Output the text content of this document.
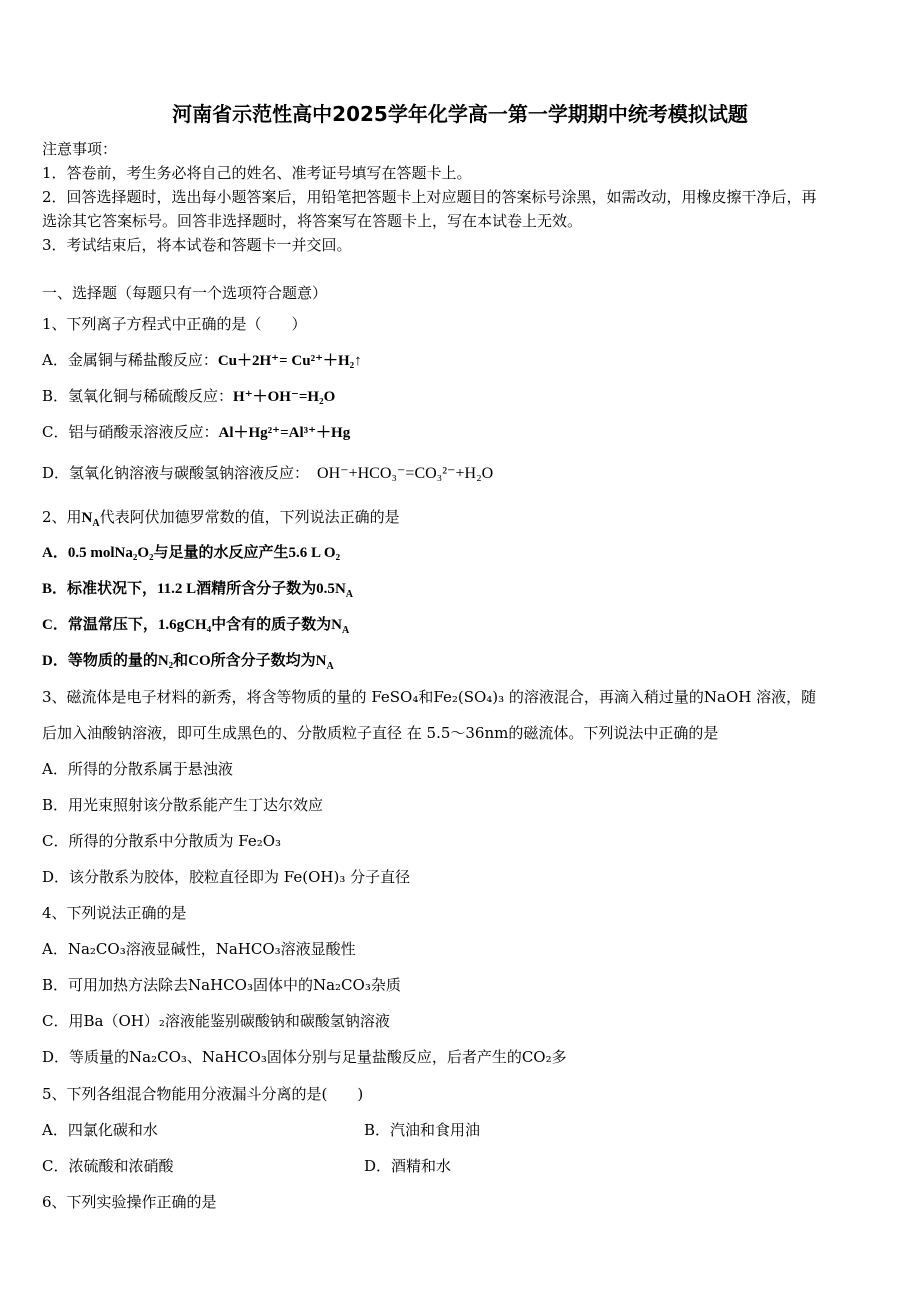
河南省示范性高中2025学年化学高一第一学期期中统考模拟试题
注意事项：
1．答卷前，考生务必将自己的姓名、准考证号填写在答题卡上。
2．回答选择题时，选出每小题答案后，用铅笔把答题卡上对应题目的答案标号涂黑，如需改动，用橡皮擦干净后，再
选涂其它答案标号。回答非选择题时，将答案写在答题卡上，写在本试卷上无效。
3．考试结束后，将本试卷和答题卡一并交回。
一、选择题（每题只有一个选项符合题意）
1、下列离子方程式中正确的是（　　）
A．金属铜与稀盐酸反应：Cu＋2H⁺= Cu²⁺＋H₂↑
B．氢氧化铜与稀硫酸反应：H⁺＋OH⁻=H₂O
C．铝与硝酸汞溶液反应：Al＋Hg²⁺=Al³⁺＋Hg
D．氢氧化钠溶液与碳酸氢钠溶液反应： OH⁻+HCO₃⁻=CO₃²⁻+H₂O
2、用$N_A$代表阿伏加德罗常数的值，下列说法正确的是
A．0.5 molNa₂O₂与足量的水反应产生5.6 L O₂
B．标准状况下，11.2 L酒精所含分子数为$0.5N_A$
C．常温常压下，1.6gCH₄中含有的质子数为$N_A$
D．等物质的量的N₂和CO所含分子数均为$N_A$
3、磁流体是电子材料的新秀，将含等物质的量的 FeSO₄和Fe₂(SO₄)₃ 的溶液混合，再滴入稍过量的NaOH 溶液，随
后加入油酸钠溶液，即可生成黑色的、分散质粒子直径 在 5.5～36nm的磁流体。下列说法中正确的是
A．所得的分散系属于悬浊液
B．用光束照射该分散系能产生丁达尔效应
C．所得的分散系中分散质为 Fe₂O₃
D．该分散系为胶体，胶粒直径即为 Fe(OH)₃ 分子直径
4、下列说法正确的是
A．Na₂CO₃溶液显碱性，NaHCO₃溶液显酸性
B．可用加热方法除去NaHCO₃固体中的Na₂CO₃杂质
C．用Ba（OH）₂溶液能鉴别碳酸钠和碳酸氢钠溶液
D．等质量的Na₂CO₃、NaHCO₃固体分别与足量盐酸反应，后者产生的CO₂多
5、下列各组混合物能用分液漏斗分离的是(　　)
A．四氯化碳和水	B．汽油和食用油
C．浓硫酸和浓硝酸	D．酒精和水
6、下列实验操作正确的是
